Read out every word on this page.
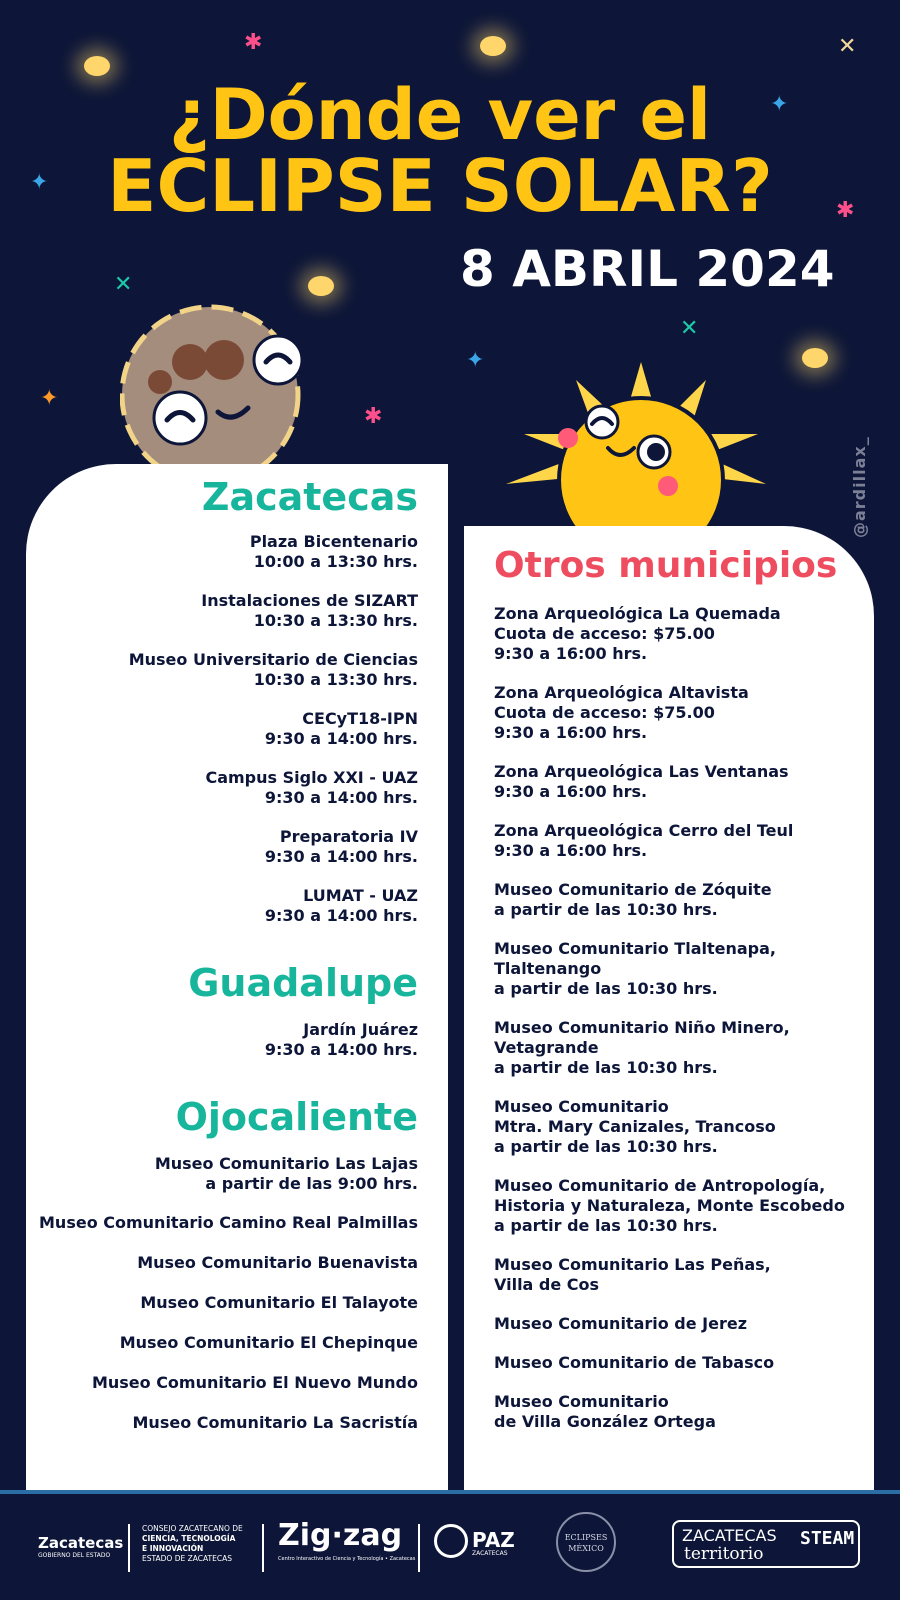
¿Dónde ver el
ECLIPSE SOLAR?
8 ABRIL 2024
@ardillax_
✱	✕
✦
✦
✱
✕
✕
✦
✦
✱
Zacatecas
Plaza Bicentenario
10:00 a 13:30 hrs.
Instalaciones de SIZART
10:30 a 13:30 hrs.
Museo Universitario de Ciencias
10:30 a 13:30 hrs.
CECyT18-IPN
9:30 a 14:00 hrs.
Campus Siglo XXI - UAZ
9:30 a 14:00 hrs.
Preparatoria IV
9:30 a 14:00 hrs.
LUMAT - UAZ
9:30 a 14:00 hrs.
Guadalupe
Jardín Juárez
9:30 a 14:00 hrs.
Ojocaliente
Museo Comunitario Las Lajas
a partir de las 9:00 hrs.
Museo Comunitario Camino Real Palmillas
Museo Comunitario Buenavista
Museo Comunitario El Talayote
Museo Comunitario El Chepinque
Museo Comunitario El Nuevo Mundo
Museo Comunitario La Sacristía
Otros municipios
Zona Arqueológica La Quemada
Cuota de acceso: $75.00
9:30 a 16:00 hrs.
Zona Arqueológica Altavista
Cuota de acceso: $75.00
9:30 a 16:00 hrs.
Zona Arqueológica Las Ventanas
9:30 a 16:00 hrs.
Zona Arqueológica Cerro del Teul
9:30 a 16:00 hrs.
Museo Comunitario de Zóquite
a partir de las 10:30 hrs.
Museo Comunitario Tlaltenapa,
Tlaltenango
a partir de las 10:30 hrs.
Museo Comunitario Niño Minero,
Vetagrande
a partir de las 10:30 hrs.
Museo Comunitario
Mtra. Mary Canizales, Trancoso
a partir de las 10:30 hrs.
Museo Comunitario de Antropología,
Historia y Naturaleza, Monte Escobedo
a partir de las 10:30 hrs.
Museo Comunitario Las Peñas,
Villa de Cos
Museo Comunitario de Jerez
Museo Comunitario de Tabasco
Museo Comunitario
de Villa González Ortega
Zacatecas
GOBIERNO DEL ESTADO
CONSEJO ZACATECANO DE
CIENCIA, TECNOLOGÍA
E INNOVACIÓN
ESTADO DE ZACATECAS
Zig·zag
Centro Interactivo de Ciencia y Tecnología • Zacatecas
PAZ
ZACATECAS
ECLIPSES
MÉXICO
ZACATECAS
territorio
STEAM
